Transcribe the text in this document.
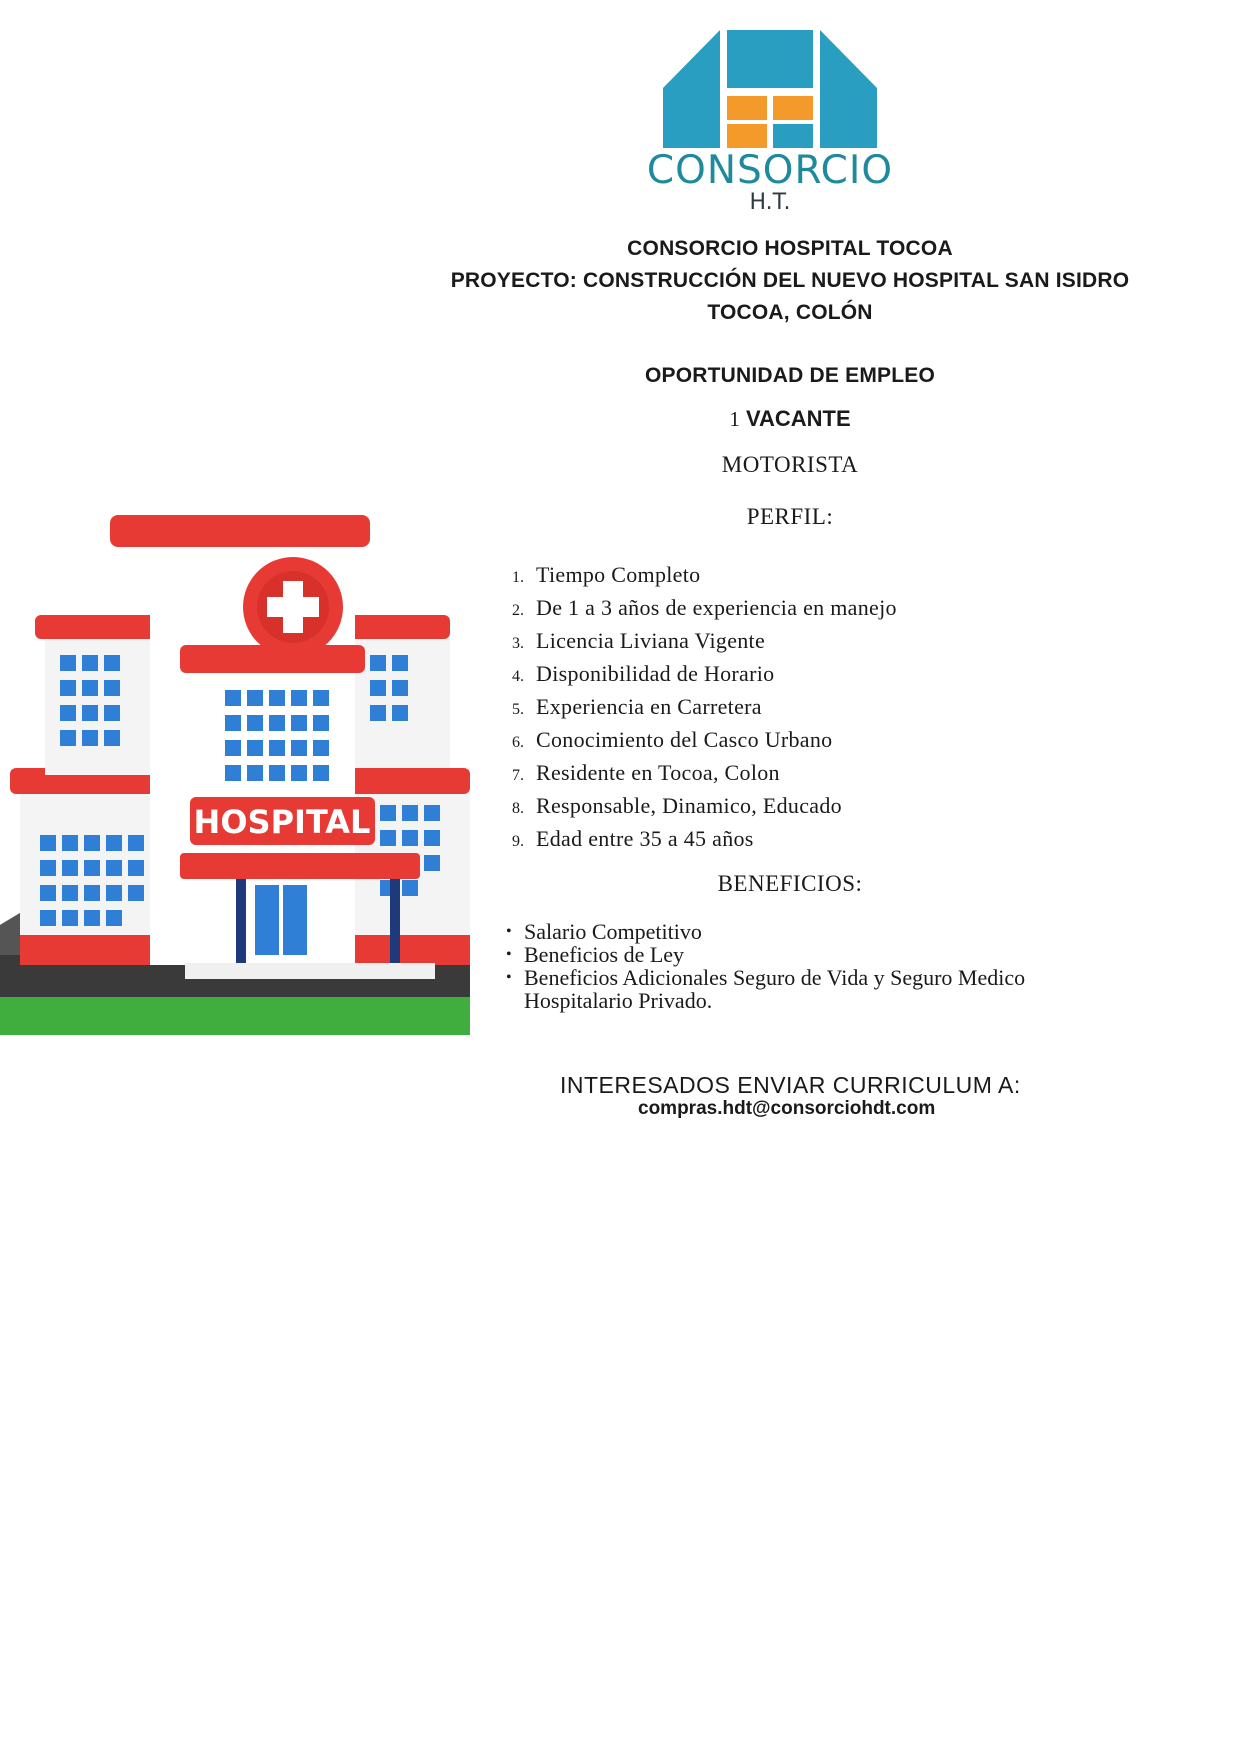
CONSORCIO
H.T.
CONSORCIO HOSPITAL TOCOA
PROYECTO: CONSTRUCCIÓN DEL NUEVO HOSPITAL SAN ISIDRO
TOCOA, COLÓN
OPORTUNIDAD DE EMPLEO
1 VACANTE
MOTORISTA
PERFIL:
1. Tiempo Completo
2. De 1 a 3 años de experiencia en manejo
3. Licencia Liviana Vigente
4. Disponibilidad de Horario
5. Experiencia en Carretera
6. Conocimiento del Casco Urbano
7. Residente en Tocoa, Colon
8. Responsable, Dinamico, Educado
9. Edad entre 35 a 45 años
BENEFICIOS:
• Salario Competitivo
• Beneficios de Ley
• Beneficios Adicionales Seguro de Vida y Seguro Medico Hospitalario Privado.
INTERESADOS ENVIAR CURRICULUM A:
compras.hdt@consorciohdt.com
HOSPITAL
